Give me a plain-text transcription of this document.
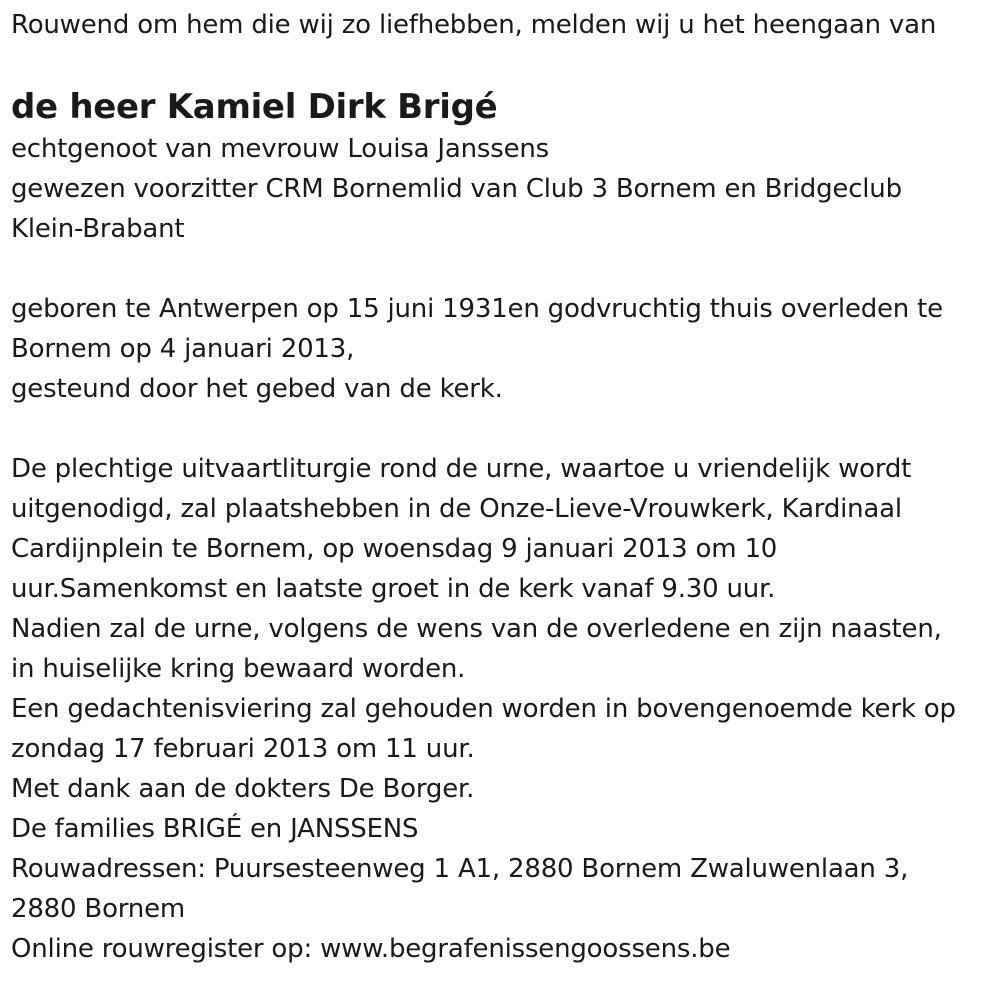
Rouwend om hem die wij zo liefhebben, melden wij u het heengaan van
de heer Kamiel Dirk Brigé
echtgenoot van mevrouw Louisa Janssens
gewezen voorzitter CRM Bornemlid van Club 3 Bornem en Bridgeclub
Klein-Brabant
geboren te Antwerpen op 15 juni 1931en godvruchtig thuis overleden te
Bornem op 4 januari 2013,
gesteund door het gebed van de kerk.
De plechtige uitvaartliturgie rond de urne, waartoe u vriendelijk wordt
uitgenodigd, zal plaatshebben in de Onze-Lieve-Vrouwkerk, Kardinaal
Cardijnplein te Bornem, op woensdag 9 januari 2013 om 10
uur.Samenkomst en laatste groet in de kerk vanaf 9.30 uur.
Nadien zal de urne, volgens de wens van de overledene en zijn naasten,
in huiselijke kring bewaard worden.
Een gedachtenisviering zal gehouden worden in bovengenoemde kerk op
zondag 17 februari 2013 om 11 uur.
Met dank aan de dokters De Borger.
De families BRIGÉ en JANSSENS
Rouwadressen: Puursesteenweg 1 A1, 2880 Bornem Zwaluwenlaan 3,
2880 Bornem
Online rouwregister op: www.begrafenissengoossens.be
